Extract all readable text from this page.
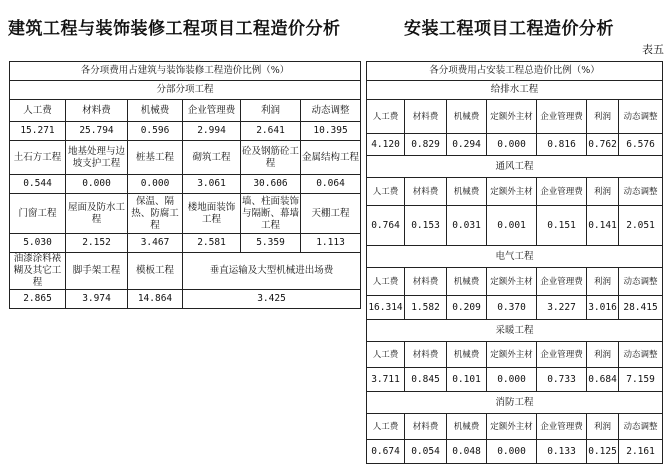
建筑工程与装饰装修工程项目工程造价分析	安装工程项目工程造价分析
表五
各分项费用占建筑与装饰装修工程造价比例（%）					
分部分项工程					
人工费	材料费	机械费	企业管理费	利润	动态调整
15.271	25.794	0.596	2.994	2.641	10.395
土石方工程	地基处理与边坡支护工程	桩基工程	砌筑工程	砼及钢筋砼工程	金属结构工程
0.544	0.000	0.000	3.061	30.606	0.064
门窗工程	屋面及防水工程	保温、隔热、防腐工程	楼地面装饰工程	墙、柱面装饰与隔断、幕墙工程	天棚工程
5.030	2.152	3.467	2.581	5.359	1.113
油漆涂料裱糊及其它工程	脚手架工程	模板工程	垂直运输及大型机械进出场费		
2.865	3.974	14.864	3.425		
各分项费用占安装工程总造价比例（%）						
给排水工程						
人工费	材料费	机械费	定额外主材	企业管理费	利润	动态调整
4.120	0.829	0.294	0.000	0.816	0.762	6.576
通风工程						
人工费	材料费	机械费	定额外主材	企业管理费	利润	动态调整
0.764	0.153	0.031	0.001	0.151	0.141	2.051
电气工程						
人工费	材料费	机械费	定额外主材	企业管理费	利润	动态调整
16.314	1.582	0.209	0.370	3.227	3.016	28.415
采暖工程						
人工费	材料费	机械费	定额外主材	企业管理费	利润	动态调整
3.711	0.845	0.101	0.000	0.733	0.684	7.159
消防工程						
人工费	材料费	机械费	定额外主材	企业管理费	利润	动态调整
0.674	0.054	0.048	0.000	0.133	0.125	2.161
